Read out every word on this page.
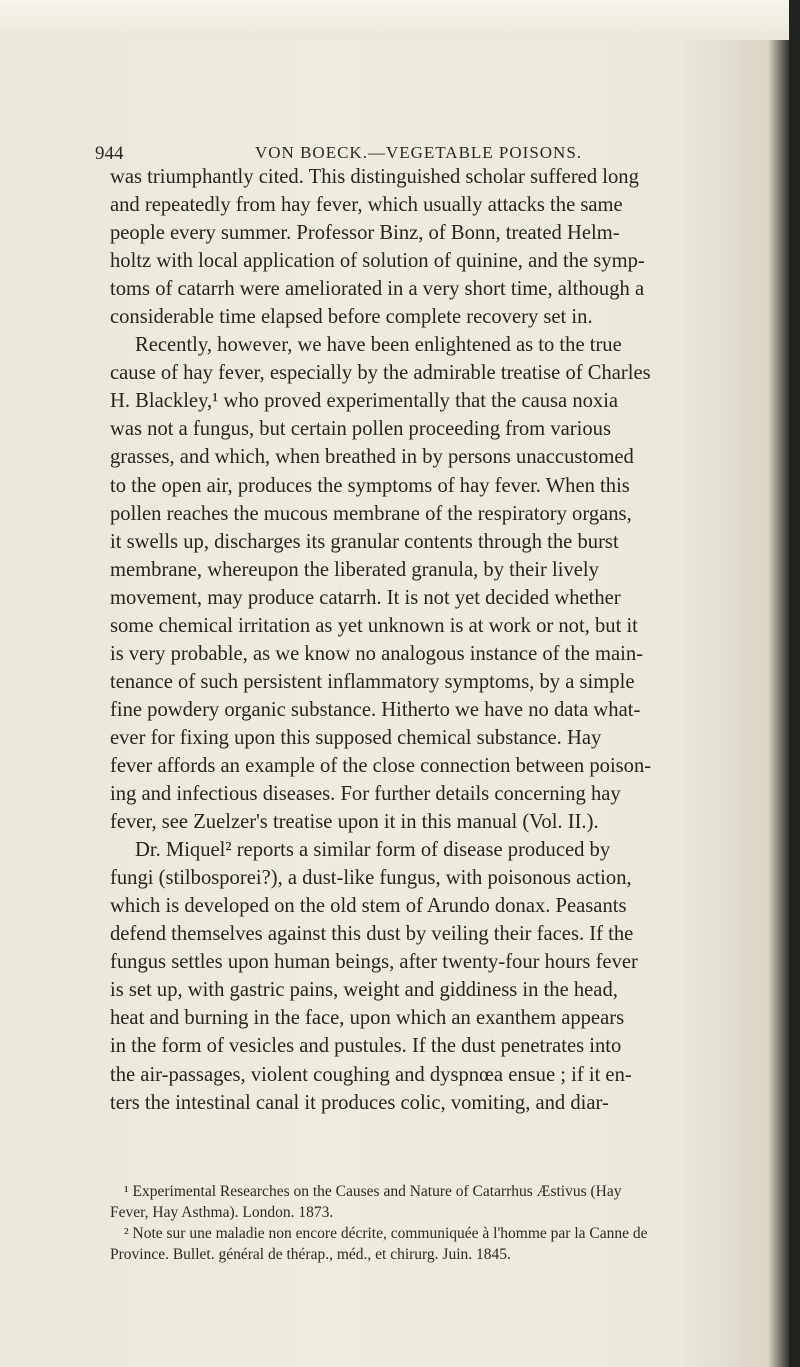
944	VON BOECK.—VEGETABLE POISONS.
was triumphantly cited. This distinguished scholar suffered long
and repeatedly from hay fever, which usually attacks the same
people every summer. Professor Binz, of Bonn, treated Helm-
holtz with local application of solution of quinine, and the symp-
toms of catarrh were ameliorated in a very short time, although a
considerable time elapsed before complete recovery set in.
Recently, however, we have been enlightened as to the true
cause of hay fever, especially by the admirable treatise of Charles
H. Blackley,¹ who proved experimentally that the causa noxia
was not a fungus, but certain pollen proceeding from various
grasses, and which, when breathed in by persons unaccustomed
to the open air, produces the symptoms of hay fever. When this
pollen reaches the mucous membrane of the respiratory organs,
it swells up, discharges its granular contents through the burst
membrane, whereupon the liberated granula, by their lively
movement, may produce catarrh. It is not yet decided whether
some chemical irritation as yet unknown is at work or not, but it
is very probable, as we know no analogous instance of the main-
tenance of such persistent inflammatory symptoms, by a simple
fine powdery organic substance. Hitherto we have no data what-
ever for fixing upon this supposed chemical substance. Hay
fever affords an example of the close connection between poison-
ing and infectious diseases. For further details concerning hay
fever, see Zuelzer's treatise upon it in this manual (Vol. II.).
Dr. Miquel² reports a similar form of disease produced by
fungi (stilbosporei?), a dust-like fungus, with poisonous action,
which is developed on the old stem of Arundo donax. Peasants
defend themselves against this dust by veiling their faces. If the
fungus settles upon human beings, after twenty-four hours fever
is set up, with gastric pains, weight and giddiness in the head,
heat and burning in the face, upon which an exanthem appears
in the form of vesicles and pustules. If the dust penetrates into
the air-passages, violent coughing and dyspnœa ensue ; if it en-
ters the intestinal canal it produces colic, vomiting, and diar-
¹ Experimental Researches on the Causes and Nature of Catarrhus Æstivus (Hay
Fever, Hay Asthma). London. 1873.
² Note sur une maladie non encore décrite, communiquée à l'homme par la Canne de
Province. Bullet. général de thérap., méd., et chirurg. Juin. 1845.
